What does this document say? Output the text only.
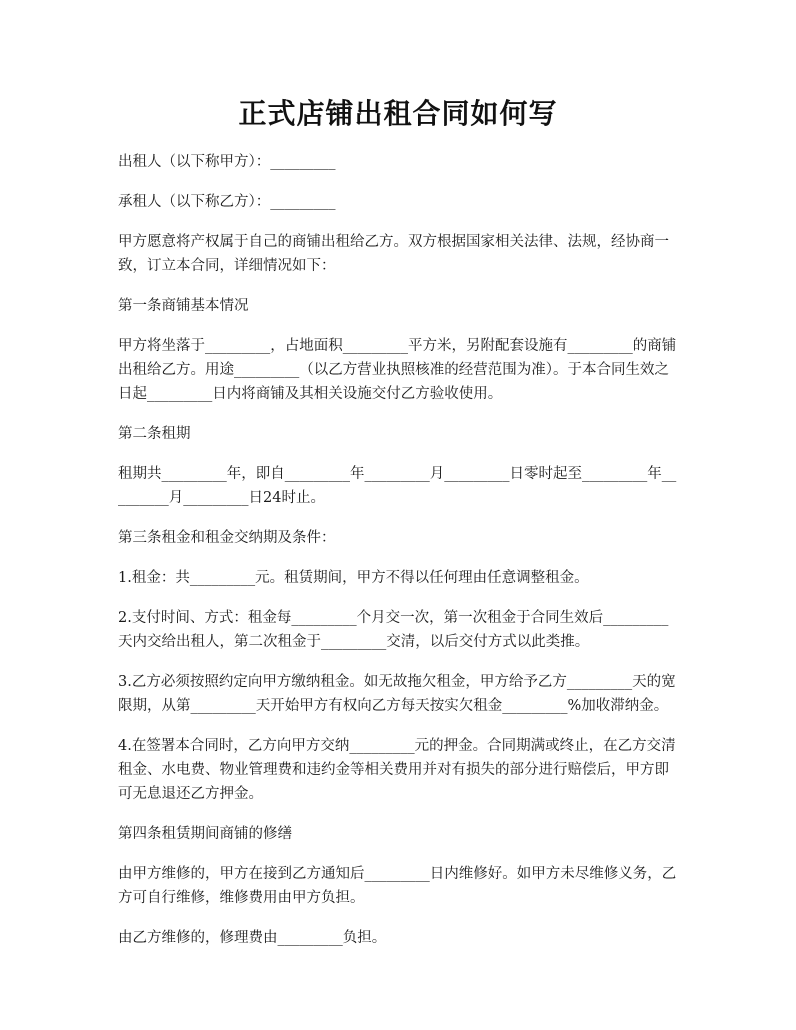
正式店铺出租合同如何写

出租人（以下称甲方）：_________

承租人（以下称乙方）：_________

甲方愿意将产权属于自己的商铺出租给乙方。双方根据国家相关法律、法规，经协商一致，订立本合同，详细情况如下：

第一条商铺基本情况

甲方将坐落于_________，占地面积_________平方米，另附配套设施有_________的商铺出租给乙方。用途_________（以乙方营业执照核准的经营范围为准）。于本合同生效之日起_________日内将商铺及其相关设施交付乙方验收使用。

第二条租期

租期共_________年，即自_________年_________月_________日零时起至_________年_________月_________日24时止。

第三条租金和租金交纳期及条件：

1.租金：共_________元。租赁期间，甲方不得以任何理由任意调整租金。

2.支付时间、方式：租金每_________个月交一次，第一次租金于合同生效后_________天内交给出租人，第二次租金于_________交清，以后交付方式以此类推。

3.乙方必须按照约定向甲方缴纳租金。如无故拖欠租金，甲方给予乙方_________天的宽限期，从第_________天开始甲方有权向乙方每天按实欠租金_________%加收滞纳金。

4.在签署本合同时，乙方向甲方交纳_________元的押金。合同期满或终止，在乙方交清租金、水电费、物业管理费和违约金等相关费用并对有损失的部分进行赔偿后，甲方即可无息退还乙方押金。

第四条租赁期间商铺的修缮

由甲方维修的，甲方在接到乙方通知后_________日内维修好。如甲方未尽维修义务，乙方可自行维修，维修费用由甲方负担。

由乙方维修的，修理费由_________负担。
